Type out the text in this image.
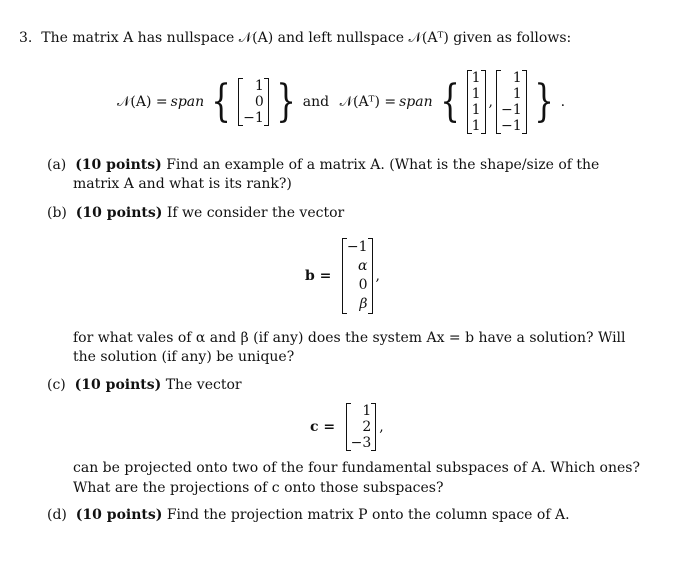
3. The matrix A has nullspace 𝒩(A) and left nullspace 𝒩(Aᵀ) given as follows:
𝒩(A) = span { 1
0
−1 } and
𝒩(Aᵀ) = span { 1
1
1
1
,
1
1
−1
−1 } .
(a) (10 points) Find an example of a matrix A. (What is the shape/size of the
matrix A and what is its rank?)
(b) (10 points) If we consider the vector
b =

−1
α
0
β
,
for what vales of α and β (if any) does the system Ax = b have a solution? Will
the solution (if any) be unique?
(c) (10 points) The vector
c =

1
2
−3
,
can be projected onto two of the four fundamental subspaces of A. Which ones?
What are the projections of c onto those subspaces?
(d) (10 points) Find the projection matrix P onto the column space of A.
